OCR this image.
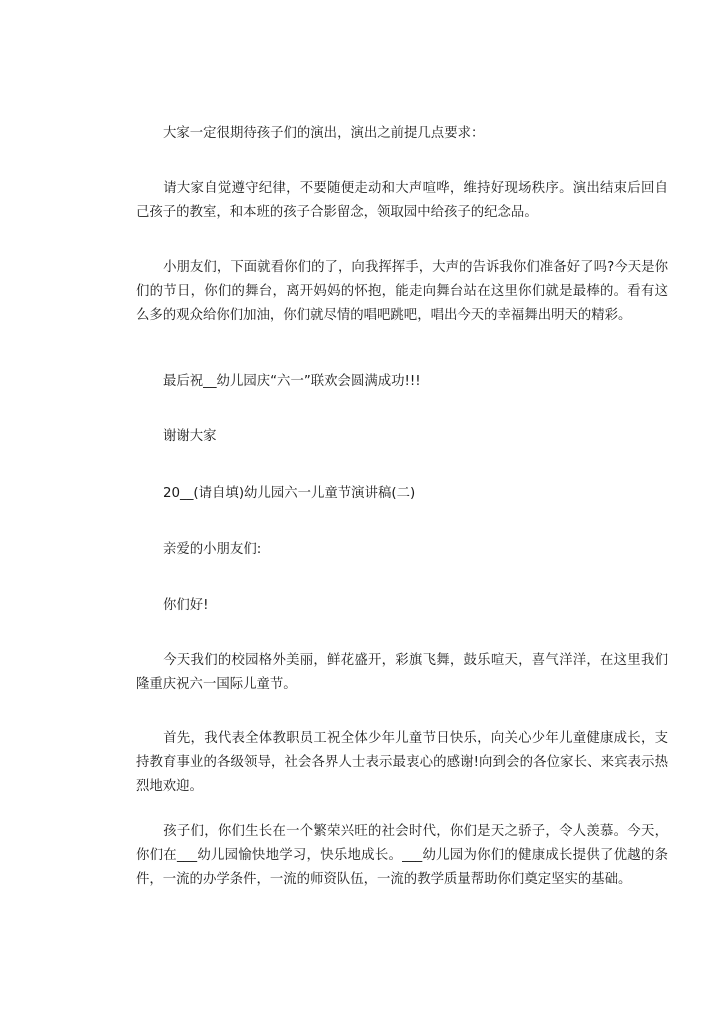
大家一定很期待孩子们的演出，演出之前提几点要求：

请大家自觉遵守纪律，不要随便走动和大声喧哗，维持好现场秩序。演出结束后回自己孩子的教室，和本班的孩子合影留念，领取园中给孩子的纪念品。

小朋友们，下面就看你们的了，向我挥挥手，大声的告诉我你们准备好了吗?今天是你们的节日，你们的舞台，离开妈妈的怀抱，能走向舞台站在这里你们就是最棒的。看有这么多的观众给你们加油，你们就尽情的唱吧跳吧，唱出今天的幸福舞出明天的精彩。

最后祝__幼儿园庆“六一”联欢会圆满成功!!!

谢谢大家

20__(请自填)幼儿园六一儿童节演讲稿(二)

亲爱的小朋友们:

你们好!

今天我们的校园格外美丽，鲜花盛开，彩旗飞舞，鼓乐喧天，喜气洋洋，在这里我们隆重庆祝六一国际儿童节。

首先，我代表全体教职员工祝全体少年儿童节日快乐，向关心少年儿童健康成长，支持教育事业的各级领导，社会各界人士表示最衷心的感谢!向到会的各位家长、来宾表示热烈地欢迎。

孩子们，你们生长在一个繁荣兴旺的社会时代，你们是天之骄子，令人羡慕。今天，你们在___幼儿园愉快地学习，快乐地成长。___幼儿园为你们的健康成长提供了优越的条件，一流的办学条件，一流的师资队伍，一流的教学质量帮助你们奠定坚实的基础。
